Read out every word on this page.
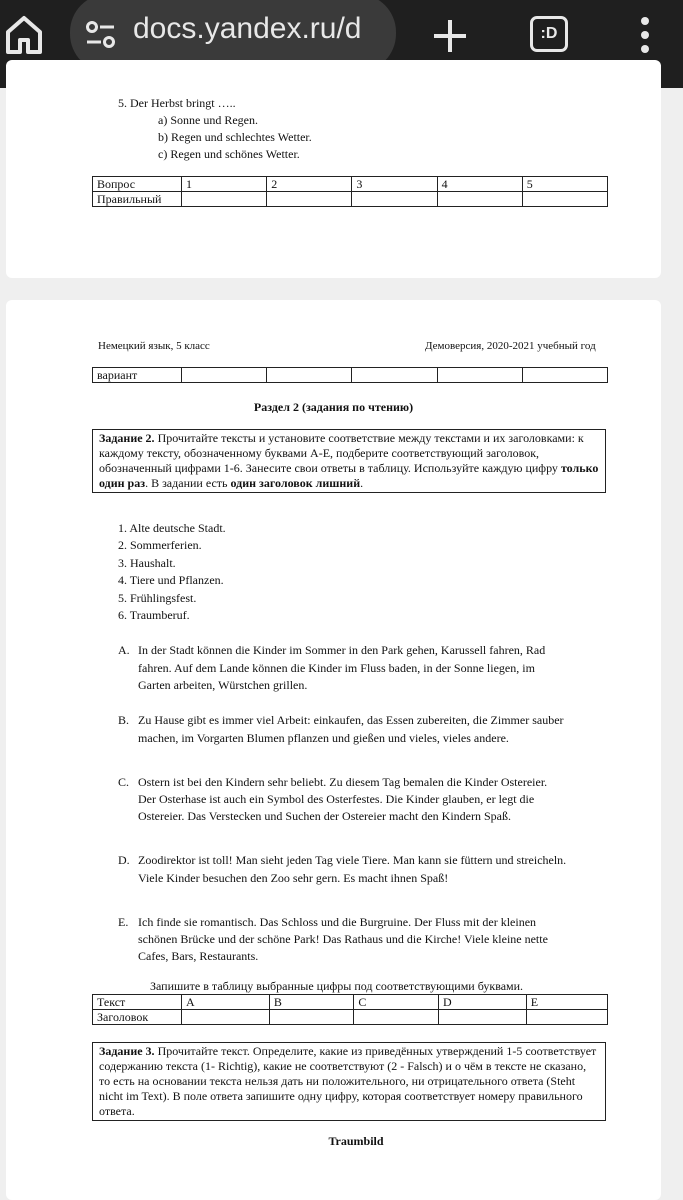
docs.yandex.ru/d	:D
5. Der Herbst bringt …..
a) Sonne und Regen.
b) Regen und schlechtes Wetter.
c) Regen und schönes Wetter.
Вопрос	1	2	3	4	5
Правильный					
Немецкий язык, 5 класс	Демоверсия, 2020-2021 учебный год
вариант					
Раздел 2 (задания по чтению)
Задание 2. Прочитайте тексты и установите соответствие между текстами и их заголовками: к каждому тексту, обозначенному буквами А-Е, подберите соответствующий заголовок, обозначенный цифрами 1-6. Занесите свои ответы в таблицу. Используйте каждую цифру только один раз. В задании есть один заголовок лишний.
1. Alte deutsche Stadt.
2. Sommerferien.
3. Haushalt.
4. Tiere und Pflanzen.
5. Frühlingsfest.
6. Traumberuf.
A. In der Stadt können die Kinder im Sommer in den Park gehen, Karussell fahren, Rad
fahren. Auf dem Lande können die Kinder im Fluss baden, in der Sonne liegen, im
Garten arbeiten, Würstchen grillen.
B. Zu Hause gibt es immer viel Arbeit: einkaufen, das Essen zubereiten, die Zimmer sauber
machen, im Vorgarten Blumen pflanzen und gießen und vieles, vieles andere.
C. Ostern ist bei den Kindern sehr beliebt. Zu diesem Tag bemalen die Kinder Ostereier.
Der Osterhase ist auch ein Symbol des Osterfestes. Die Kinder glauben, er legt die
Ostereier. Das Verstecken und Suchen der Ostereier macht den Kindern Spaß.
D. Zoodirektor ist toll! Man sieht jeden Tag viele Tiere. Man kann sie füttern und streicheln.
Viele Kinder besuchen den Zoo sehr gern. Es macht ihnen Spaß!
E. Ich finde sie romantisch. Das Schloss und die Burgruine. Der Fluss mit der kleinen
schönen Brücke und der schöne Park! Das Rathaus und die Kirche! Viele kleine nette
Cafes, Bars, Restaurants.
Запишите в таблицу выбранные цифры под соответствующими буквами.
Текст	A	B	C	D	E
Заголовок					
Задание 3. Прочитайте текст. Определите, какие из приведённых утверждений 1-5 соответствует содержанию текста (1- Richtig), какие не соответствуют (2 - Falsch) и о чём в тексте не сказано, то есть на основании текста нельзя дать ни положительного, ни отрицательного ответа (Steht nicht im Text). В поле ответа запишите одну цифру, которая соответствует номеру правильного ответа.
Traumbild
